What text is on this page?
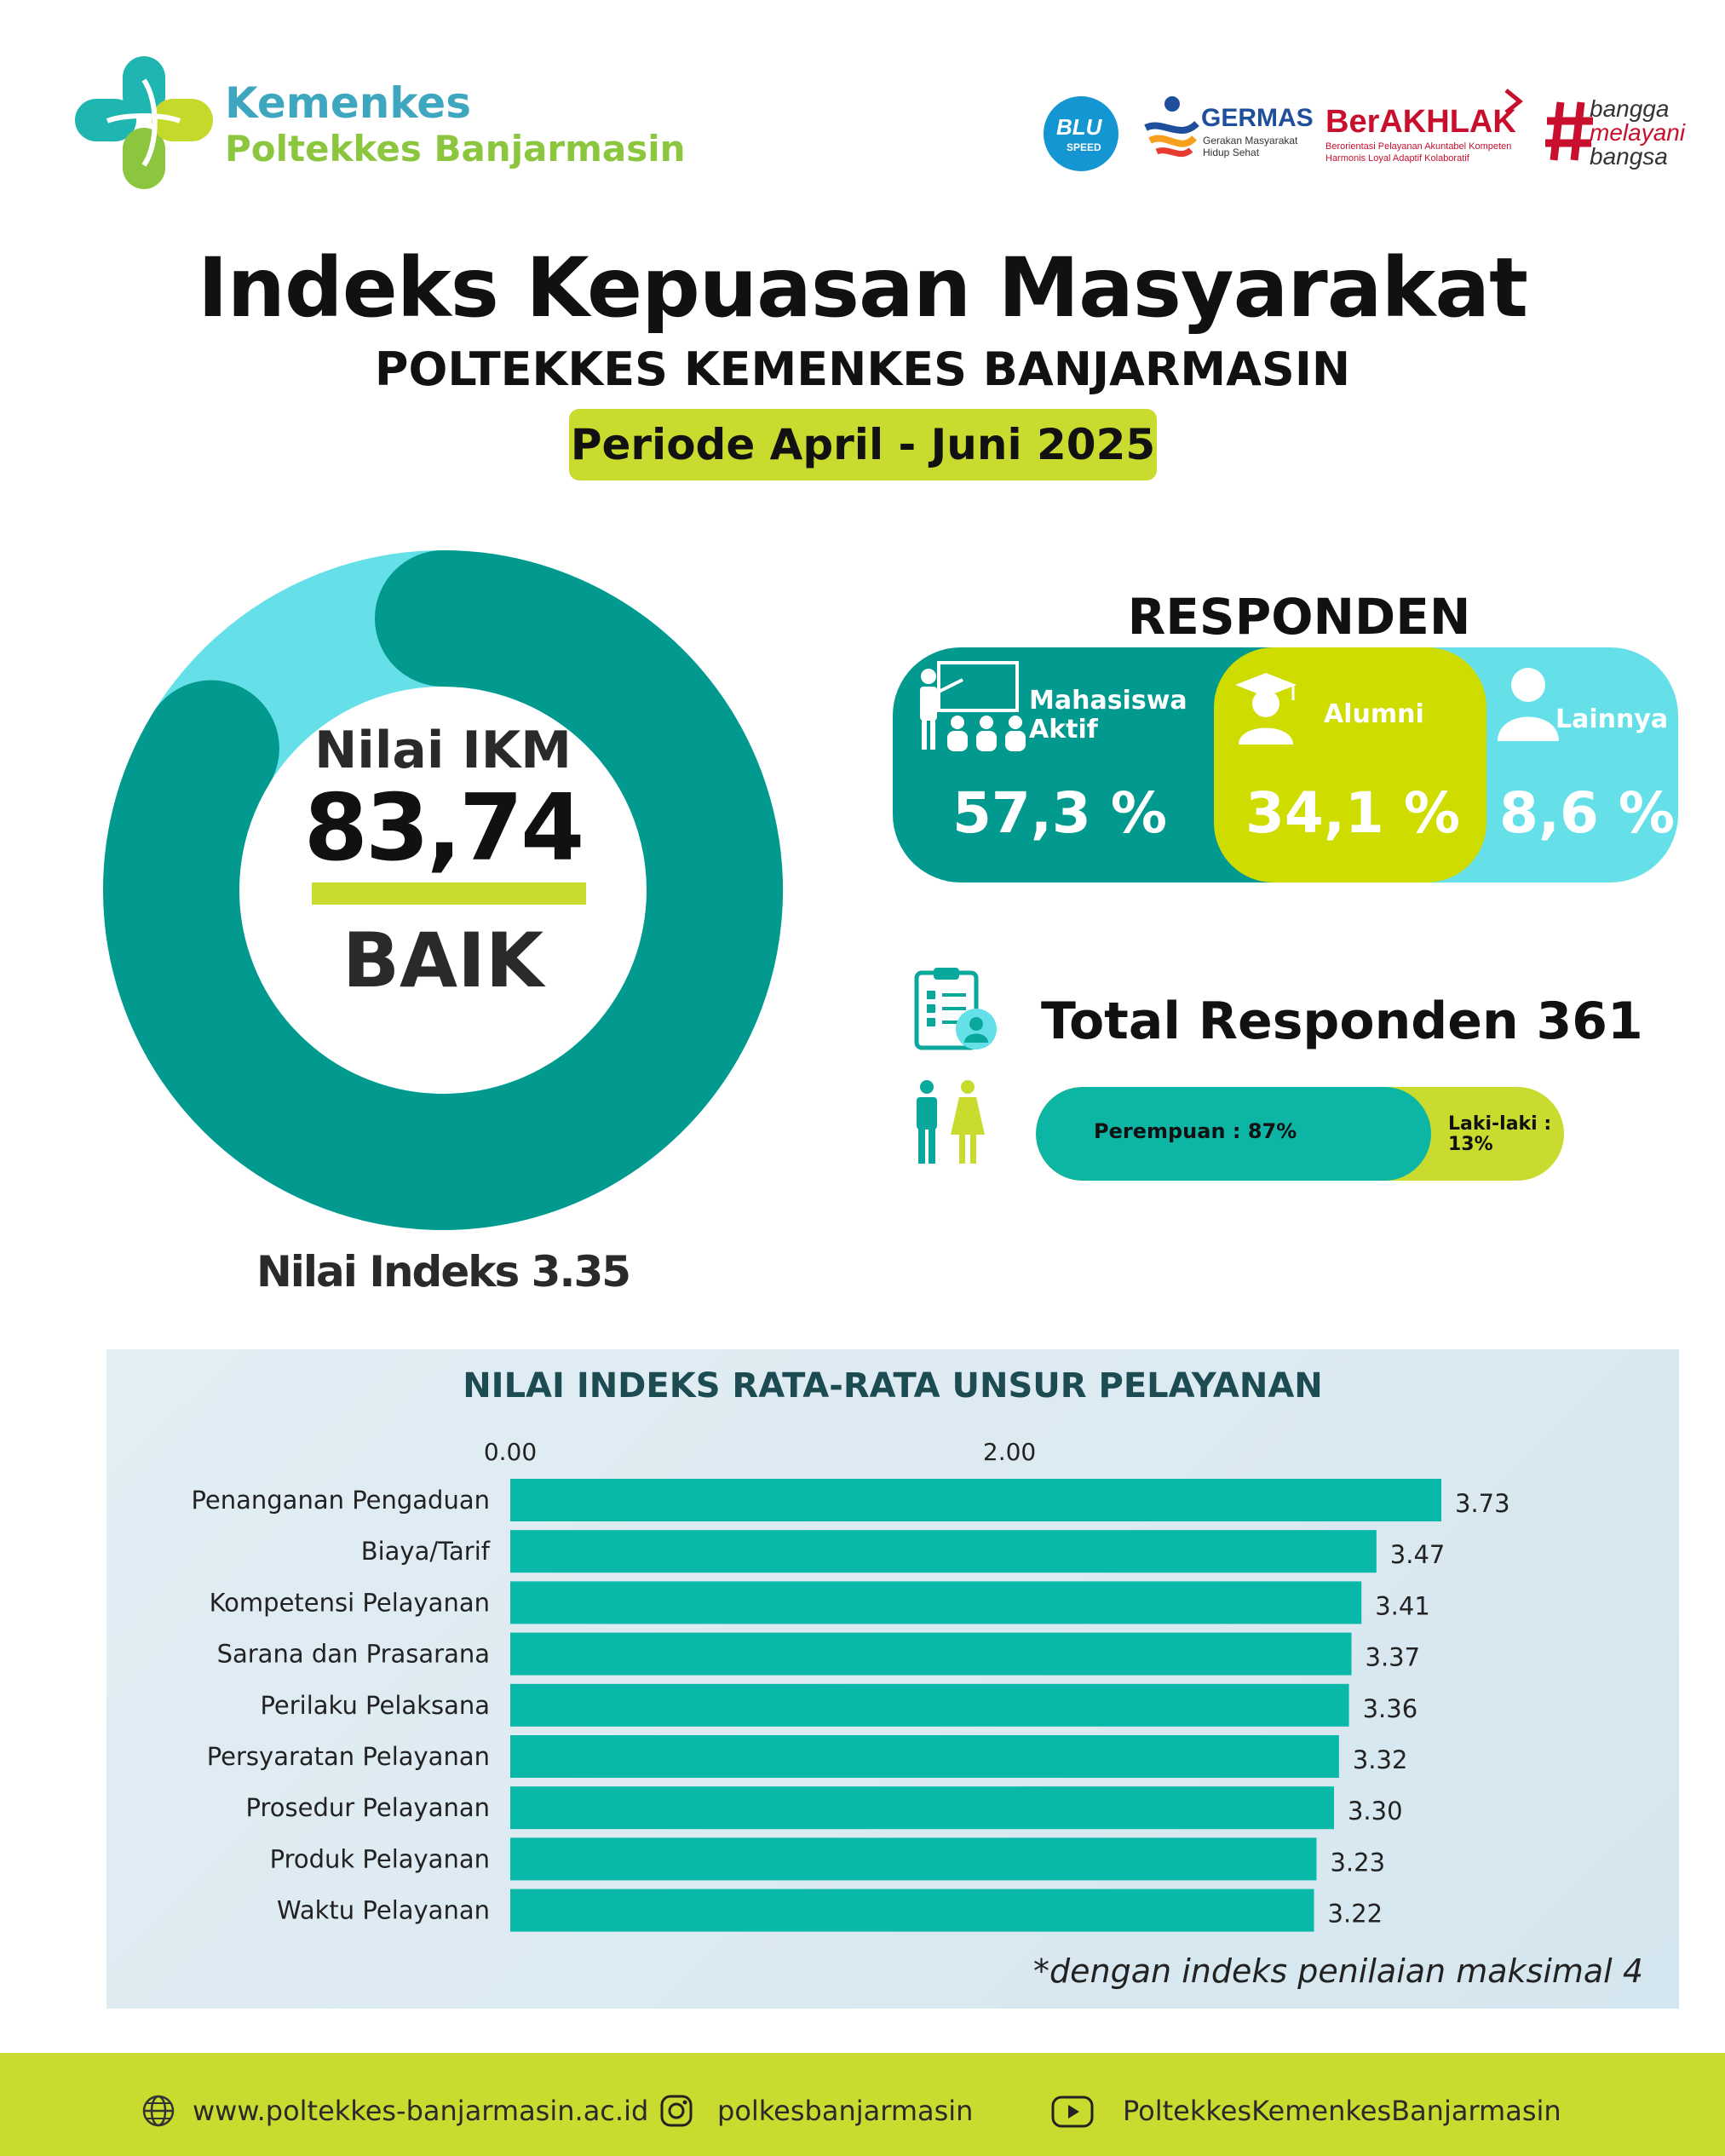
Kemenkes
Poltekkes Banjarmasin
BLU
SPEED
GERMAS
Gerakan Masyarakat
Hidup Sehat
BerAKHLAK
Berorientasi Pelayanan Akuntabel Kompeten
Harmonis Loyal Adaptif Kolaboratif
bangga
melayani
bangsa
Indeks Kepuasan Masyarakat
POLTEKKES KEMENKES BANJARMASIN
Periode April - Juni 2025
Nilai IKM
83,74
BAIK
Nilai Indeks 3.35
RESPONDEN
Mahasiswa
Aktif
57,3 %
Alumni
34,1 %
Lainnya
8,6 %
Total Responden 361
Perempuan : 87%	Laki-laki : 13%
NILAI INDEKS RATA-RATA UNSUR PELAYANAN
0.00	2.00
Penanganan Pengaduan	3.73
Biaya/Tarif	3.47
Kompetensi Pelayanan	3.41
Sarana dan Prasarana	3.37
Perilaku Pelaksana	3.36
Persyaratan Pelayanan	3.32
Prosedur Pelayanan	3.30
Produk Pelayanan	3.23
Waktu Pelayanan	3.22
*dengan indeks penilaian maksimal 4
www.poltekkes-banjarmasin.ac.id	polkesbanjarmasin	PoltekkesKemenkesBanjarmasin
